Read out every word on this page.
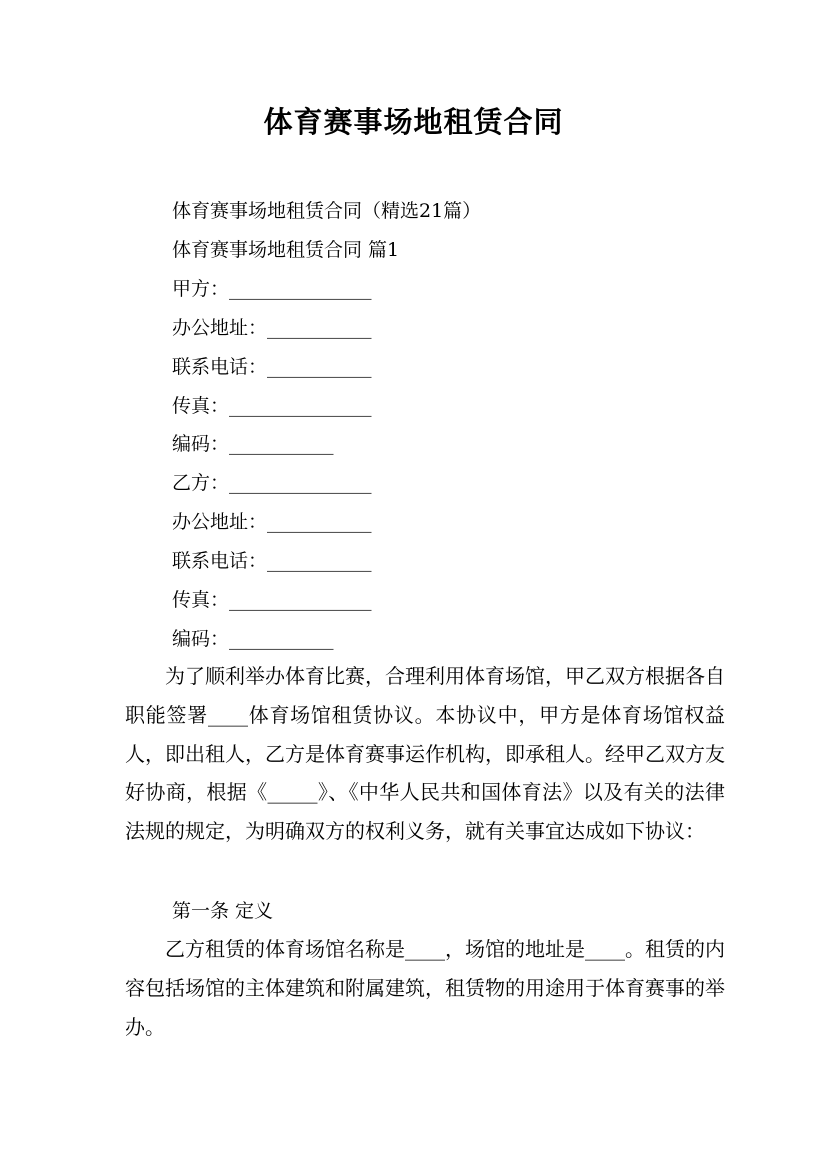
体育赛事场地租赁合同

体育赛事场地租赁合同（精选21篇）

体育赛事场地租赁合同 篇1

甲方：_______________

办公地址：___________

联系电话：___________

传真：_______________

编码：___________

乙方：_______________

办公地址：___________

联系电话：___________

传真：_______________

编码：___________

为了顺利举办体育比赛，合理利用体育场馆，甲乙双方根据各自职能签署____体育场馆租赁协议。本协议中，甲方是体育场馆权益人，即出租人，乙方是体育赛事运作机构，即承租人。经甲乙双方友好协商，根据《_____》、《中华人民共和国体育法》以及有关的法律法规的规定，为明确双方的权利义务，就有关事宜达成如下协议：

第一条 定义

乙方租赁的体育场馆名称是____，场馆的地址是____。租赁的内容包括场馆的主体建筑和附属建筑，租赁物的用途用于体育赛事的举办。
